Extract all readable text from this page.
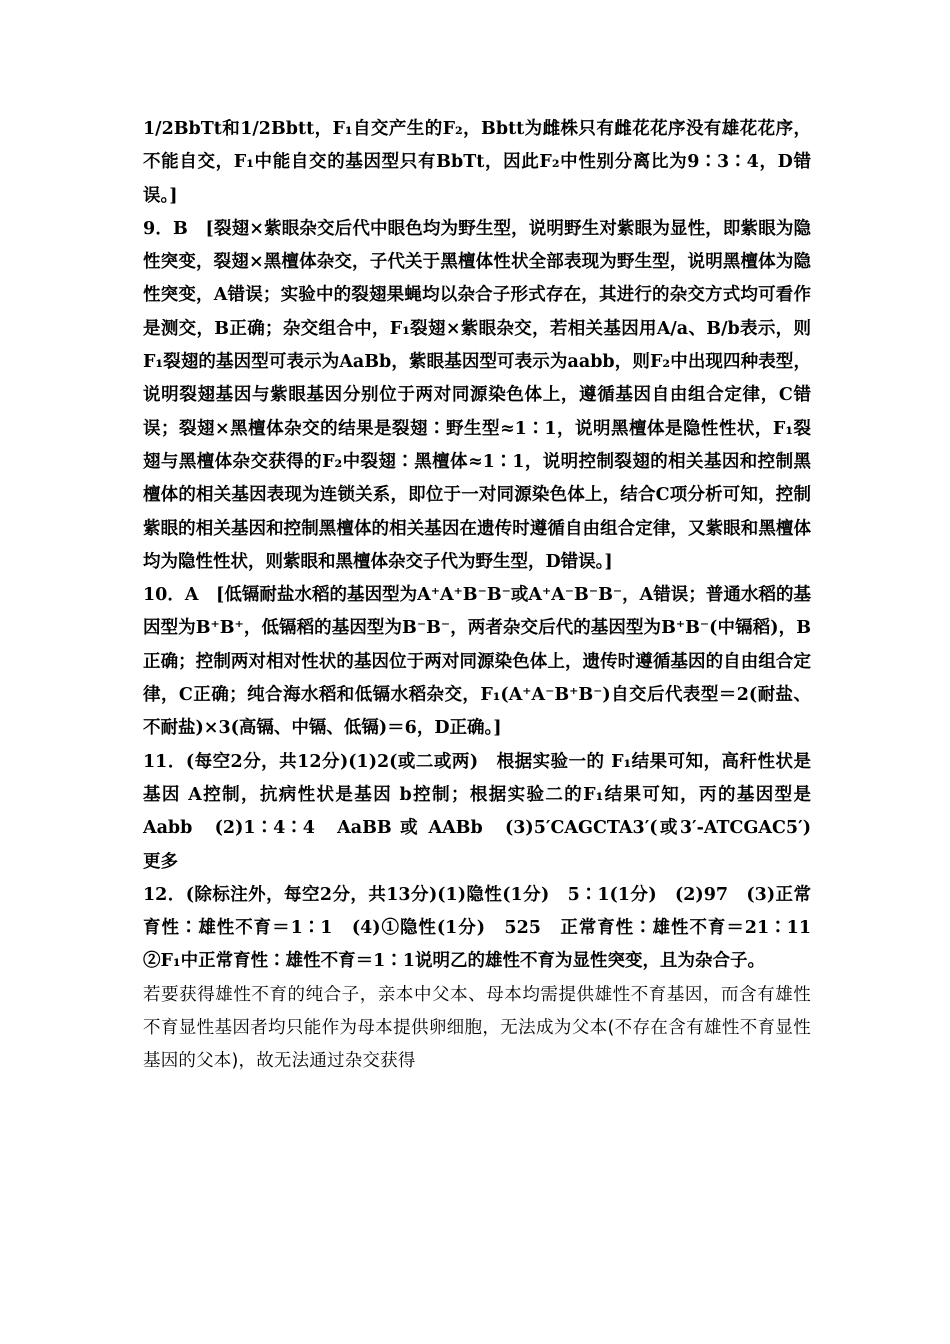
1/2BbTt和1/2Bbtt，F₁自交产生的F₂，Bbtt为雌株只有雌花花序没有雄花花序，不能自交，F₁中能自交的基因型只有BbTt，因此F₂中性别分离比为9∶3∶4，D错误。]

9．B　[裂翅×紫眼杂交后代中眼色均为野生型，说明野生对紫眼为显性，即紫眼为隐性突变，裂翅×黑檀体杂交，子代关于黑檀体性状全部表现为野生型，说明黑檀体为隐性突变，A错误；实验中的裂翅果蝇均以杂合子形式存在，其进行的杂交方式均可看作是测交，B正确；杂交组合中，F₁裂翅×紫眼杂交，若相关基因用A/a、B/b表示，则F₁裂翅的基因型可表示为AaBb，紫眼基因型可表示为aabb，则F₂中出现四种表型，说明裂翅基因与紫眼基因分别位于两对同源染色体上，遵循基因自由组合定律，C错误；裂翅×黑檀体杂交的结果是裂翅∶野生型≈1∶1，说明黑檀体是隐性性状，F₁裂翅与黑檀体杂交获得的F₂中裂翅∶黑檀体≈1∶1，说明控制裂翅的相关基因和控制黑檀体的相关基因表现为连锁关系，即位于一对同源染色体上，结合C项分析可知，控制紫眼的相关基因和控制黑檀体的相关基因在遗传时遵循自由组合定律，又紫眼和黑檀体均为隐性性状，则紫眼和黑檀体杂交子代为野生型，D错误。]

10．A　[低镉耐盐水稻的基因型为A⁺A⁺B⁻B⁻或A⁺A⁻B⁻B⁻，A错误；普通水稻的基因型为B⁺B⁺，低镉稻的基因型为B⁻B⁻，两者杂交后代的基因型为B⁺B⁻(中镉稻)，B正确；控制两对相对性状的基因位于两对同源染色体上，遗传时遵循基因的自由组合定律，C正确；纯合海水稻和低镉水稻杂交，F₁(A⁺A⁻B⁺B⁻)自交后代表型＝2(耐盐、不耐盐)×3(高镉、中镉、低镉)＝6，D正确。]

11．(每空2分，共12分)(1)2(或二或两)　根据实验一的 F₁结果可知，高秆性状是基因 A控制，抗病性状是基因 b控制；根据实验二的F₁结果可知，丙的基因型是 Aabb　(2)1∶4∶4　AaBB 或 AABb　(3)5′CAGCTA3′(或3′-ATCGAC5′)　更多

12．(除标注外，每空2分，共13分)(1)隐性(1分)　5∶1(1分)　(2)97　(3)正常育性∶雄性不育＝1∶1　(4)①隐性(1分)　525　正常育性∶雄性不育＝21∶11　②F₁中正常育性∶雄性不育＝1∶1说明乙的雄性不育为显性突变，且为杂合子。

若要获得雄性不育的纯合子，亲本中父本、母本均需提供雄性不育基因，而含有雄性不育显性基因者均只能作为母本提供卵细胞，无法成为父本(不存在含有雄性不育显性基因的父本)，故无法通过杂交获得
